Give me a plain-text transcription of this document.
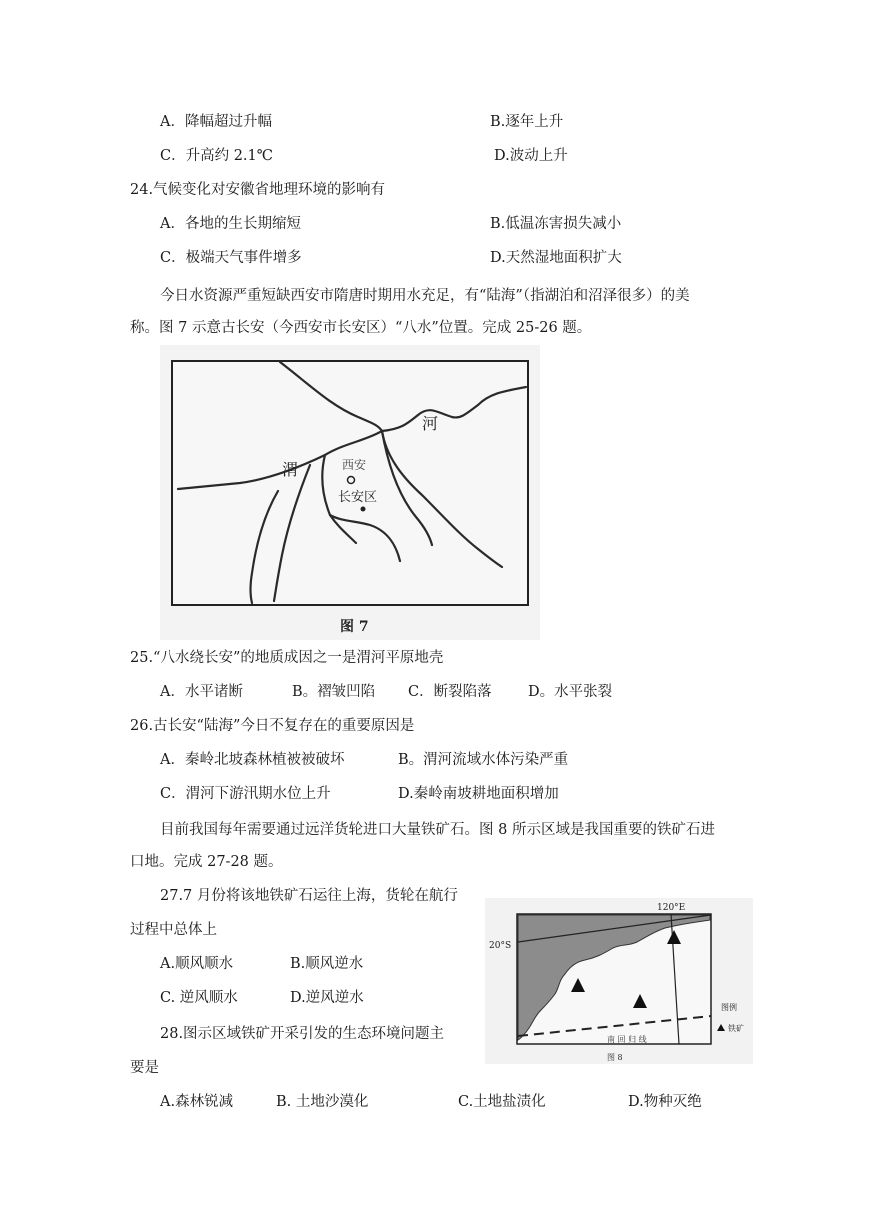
A．降幅超过升幅	B.逐年上升
C．升高约 2.1℃	D.波动上升
24.气候变化对安徽省地理环境的影响有
A．各地的生长期缩短	B.低温冻害损失减小
C．极端天气事件增多	D.天然湿地面积扩大
今日水资源严重短缺西安市隋唐时期用水充足，有“陆海”（指湖泊和沼泽很多）的美
称。图 7 示意古长安（今西安市长安区）“八水”位置。完成 25-26 题。
河
渭	西安
长安区
图 7
25.“八水绕长安”的地质成因之一是渭河平原地壳
A．水平诸断	B。褶皱凹陷 C．断裂陷落	D。水平张裂
26.古长安“陆海”今日不复存在的重要原因是
A．秦岭北坡森林植被被破坏	B。渭河流域水体污染严重
C．渭河下游汛期水位上升	D.秦岭南坡耕地面积增加
目前我国每年需要通过远洋货轮进口大量铁矿石。图 8 所示区域是我国重要的铁矿石进
口地。完成 27-28 题。
27.7 月份将该地铁矿石运往上海，货轮在航行
过程中总体上
A.顺风顺水	B.顺风逆水
C. 逆风顺水	D.逆风逆水
28.图示区域铁矿开采引发的生态环境问题主
要是
A.森林锐减	B. 土地沙漠化	C.土地盐渍化	D.物种灭绝
120°E
20°S
南 回 归 线
图例
铁矿
图 8
